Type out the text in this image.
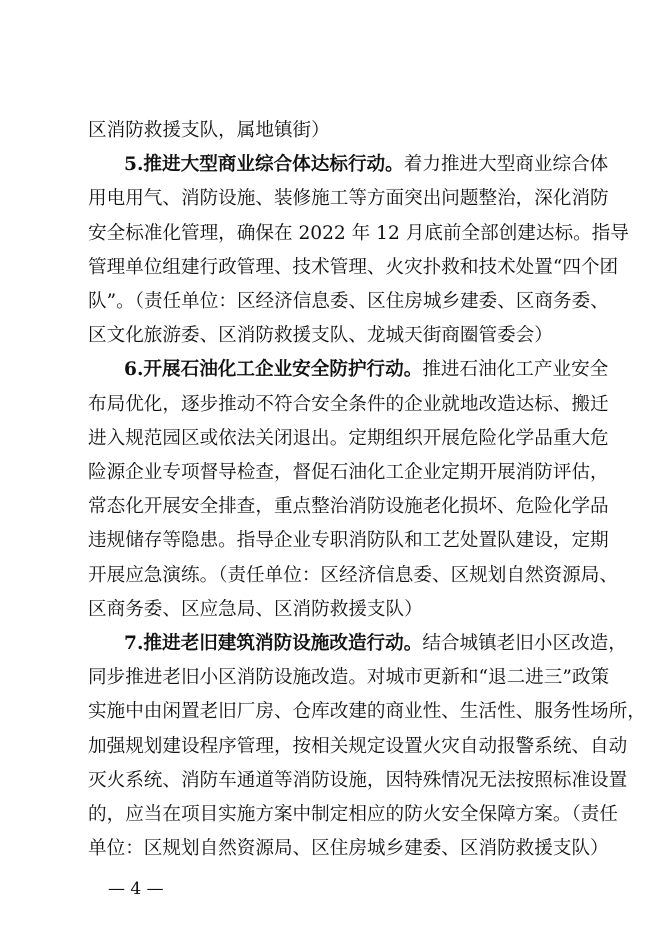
区消防救援支队，属地镇街）
5.推进大型商业综合体达标行动。着力推进大型商业综合体
用电用气、消防设施、装修施工等方面突出问题整治，深化消防
安全标准化管理，确保在 2022 年 12 月底前全部创建达标。指导
管理单位组建行政管理、技术管理、火灾扑救和技术处置“四个团
队”。（责任单位：区经济信息委、区住房城乡建委、区商务委、
区文化旅游委、区消防救援支队、龙城天街商圈管委会）
6.开展石油化工企业安全防护行动。推进石油化工产业安全
布局优化，逐步推动不符合安全条件的企业就地改造达标、搬迁
进入规范园区或依法关闭退出。定期组织开展危险化学品重大危
险源企业专项督导检查，督促石油化工企业定期开展消防评估，
常态化开展安全排查，重点整治消防设施老化损坏、危险化学品
违规储存等隐患。指导企业专职消防队和工艺处置队建设，定期
开展应急演练。（责任单位：区经济信息委、区规划自然资源局、
区商务委、区应急局、区消防救援支队）
7.推进老旧建筑消防设施改造行动。结合城镇老旧小区改造，
同步推进老旧小区消防设施改造。对城市更新和“退二进三”政策
实施中由闲置老旧厂房、仓库改建的商业性、生活性、服务性场所，
加强规划建设程序管理，按相关规定设置火灾自动报警系统、自动
灭火系统、消防车通道等消防设施，因特殊情况无法按照标准设置
的，应当在项目实施方案中制定相应的防火安全保障方案。（责任
单位：区规划自然资源局、区住房城乡建委、区消防救援支队）
— 4 —
